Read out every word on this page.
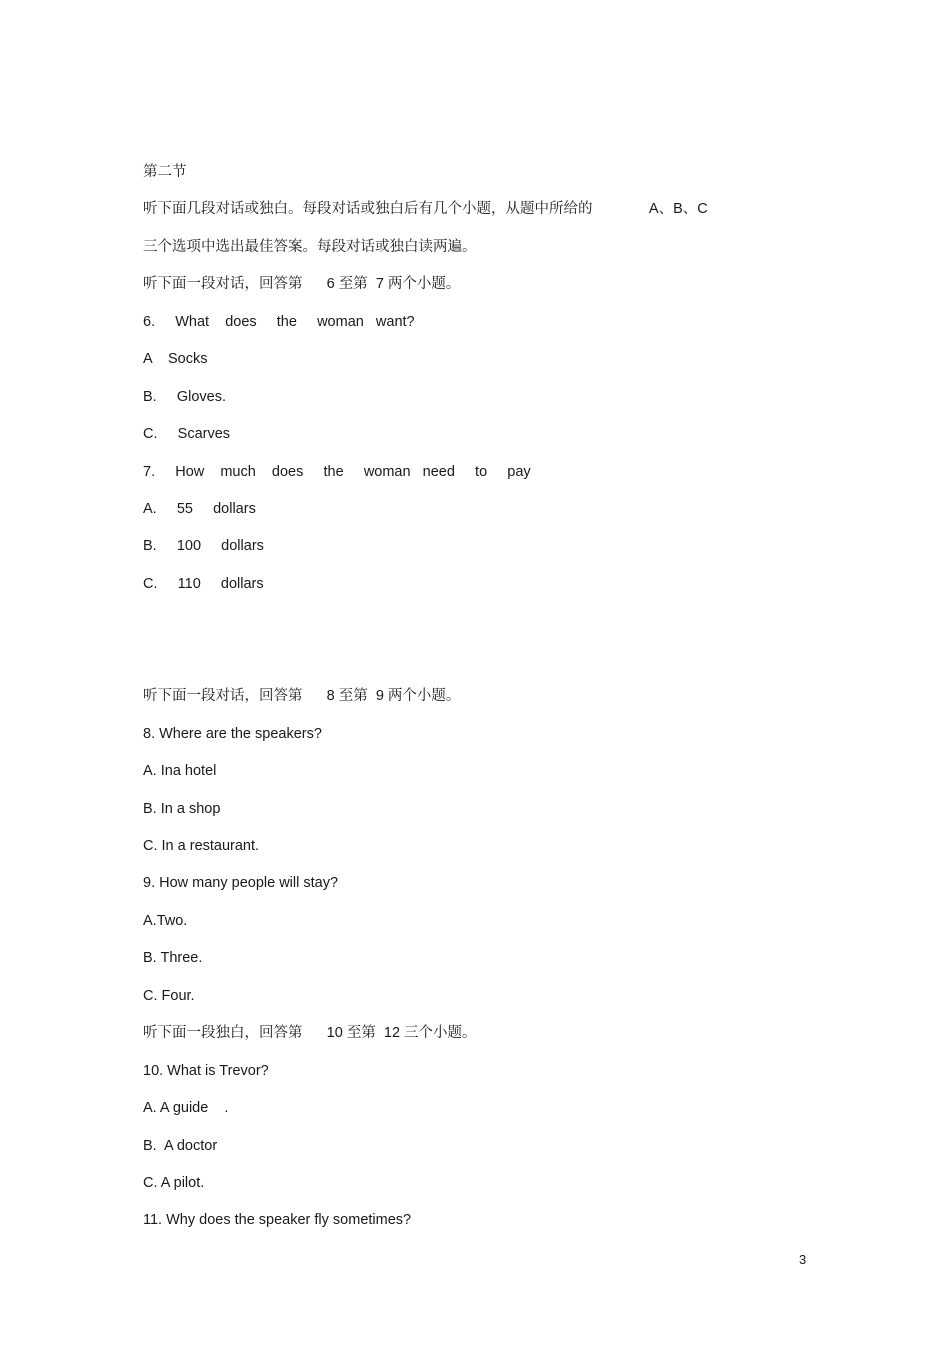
第二节
听下面几段对话或独白。每段对话或独白后有几个小题，从题中所给的              A、B、C
三个选项中选出最佳答案。每段对话或独白读两遍。
听下面一段对话，回答第      6 至第  7 两个小题。
6.     What    does     the     woman   want?
A    Socks
B.     Gloves.
C.     Scarves
7.     How    much    does     the     woman   need     to     pay
A.     55     dollars
B.     100     dollars
C.     110     dollars
听下面一段对话，回答第      8 至第  9 两个小题。
8. Where are the speakers?
A. Ina hotel
B. In a shop
C. In a restaurant.
9. How many people will stay?
A.Two.
B. Three.
C. Four.
听下面一段独白，回答第      10 至第  12 三个小题。
10. What is Trevor?
A. A guide    .
B.  A doctor
C. A pilot.
11. Why does the speaker fly sometimes?
3
